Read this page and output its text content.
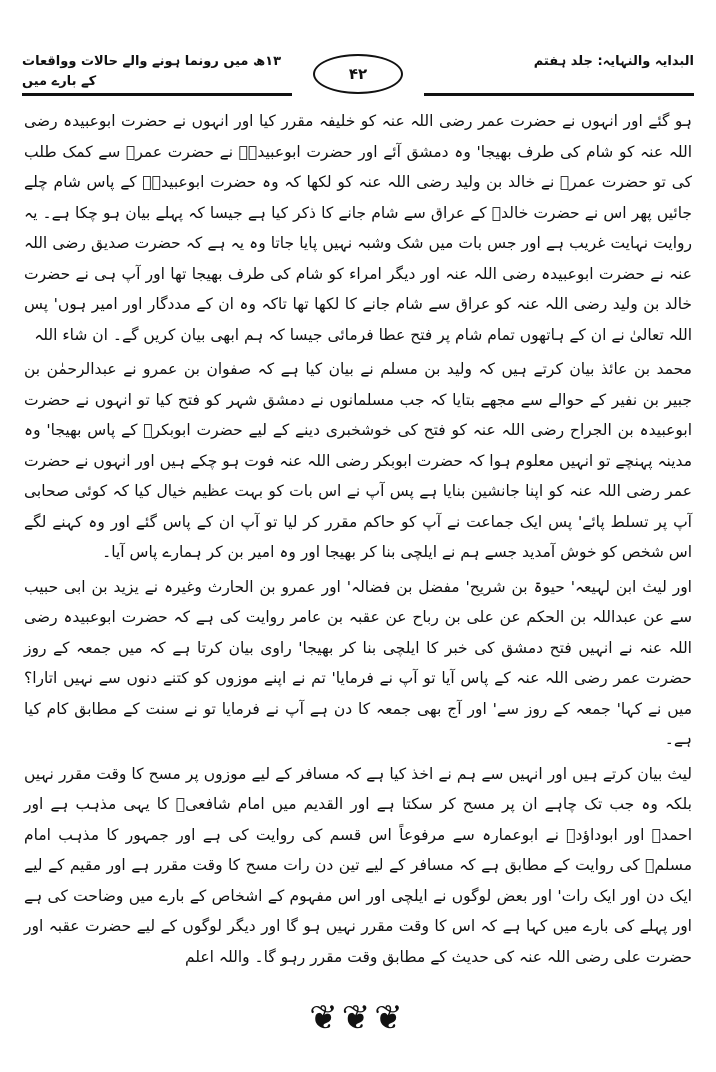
۱۳ھ میں رونما ہونے والے حالات وواقعات کے بارے میں
البدایہ والنہایہ: جلد ہفتم
۴۲

ہو گئے اور انہوں نے حضرت عمر رضی اللہ عنہ کو خلیفہ مقرر کیا اور انہوں نے حضرت ابوعبیدہ رضی اللہ عنہ کو شام کی طرف بھیجا' وہ دمشق آئے اور حضرت ابوعبیدہؓ نے حضرت عمرؓ سے کمک طلب کی تو حضرت عمرؓ نے خالد بن ولید رضی اللہ عنہ کو لکھا کہ وہ حضرت ابوعبیدہؓ کے پاس شام چلے جائیں پھر اس نے حضرت خالدؓ کے عراق سے شام جانے کا ذکر کیا ہے جیسا کہ پہلے بیان ہو چکا ہے۔ یہ روایت نہایت غریب ہے اور جس بات میں شک وشبہ نہیں پایا جاتا وہ یہ ہے کہ حضرت صدیق رضی اللہ عنہ نے حضرت ابوعبیدہ رضی اللہ عنہ اور دیگر امراء کو شام کی طرف بھیجا تھا اور آپ ہی نے حضرت خالد بن ولید رضی اللہ عنہ کو عراق سے شام جانے کا لکھا تھا تاکہ وہ ان کے مددگار اور امیر ہوں' پس اللہ تعالیٰ نے ان کے ہاتھوں تمام شام پر فتح عطا فرمائی جیسا کہ ہم ابھی بیان کریں گے۔ ان شاء اللہ

محمد بن عائذ بیان کرتے ہیں کہ ولید بن مسلم نے بیان کیا ہے کہ صفوان بن عمرو نے عبدالرحمٰن بن جبیر بن نفیر کے حوالے سے مجھے بتایا کہ جب مسلمانوں نے دمشق شہر کو فتح کیا تو انہوں نے حضرت ابوعبیدہ بن الجراح رضی اللہ عنہ کو فتح کی خوشخبری دینے کے لیے حضرت ابوبکرؓ کے پاس بھیجا' وہ مدینہ پہنچے تو انہیں معلوم ہوا کہ حضرت ابوبکر رضی اللہ عنہ فوت ہو چکے ہیں اور انہوں نے حضرت عمر رضی اللہ عنہ کو اپنا جانشین بنایا ہے پس آپ نے اس بات کو بہت عظیم خیال کیا کہ کوئی صحابی آپ پر تسلط پائے' پس ایک جماعت نے آپ کو حاکم مقرر کر لیا تو آپ ان کے پاس گئے اور وہ کہنے لگے اس شخص کو خوش آمدید جسے ہم نے ایلچی بنا کر بھیجا اور وہ امیر بن کر ہمارے پاس آیا۔

اور لیث ابن لہیعہ' حیوۃ بن شریح' مفضل بن فضالہ' اور عمرو بن الحارث وغیرہ نے یزید بن ابی حبیب سے عن عبداللہ بن الحکم عن علی بن رباح عن عقبہ بن عامر روایت کی ہے کہ حضرت ابوعبیدہ رضی اللہ عنہ نے انہیں فتح دمشق کی خبر کا ایلچی بنا کر بھیجا' راوی بیان کرتا ہے کہ میں جمعہ کے روز حضرت عمر رضی اللہ عنہ کے پاس آیا تو آپ نے فرمایا' تم نے اپنے موزوں کو کتنے دنوں سے نہیں اتارا؟ میں نے کہا' جمعہ کے روز سے' اور آج بھی جمعہ کا دن ہے آپ نے فرمایا تو نے سنت کے مطابق کام کیا ہے۔

لیث بیان کرتے ہیں اور انہیں سے ہم نے اخذ کیا ہے کہ مسافر کے لیے موزوں پر مسح کا وقت مقرر نہیں بلکہ وہ جب تک چاہے ان پر مسح کر سکتا ہے اور القدیم میں امام شافعیؒ کا یہی مذہب ہے اور احمدؒ اور ابوداؤدؒ نے ابوعمارہ سے مرفوعاً اس قسم کی روایت کی ہے اور جمہور کا مذہب امام مسلمؒ کی روایت کے مطابق ہے کہ مسافر کے لیے تین دن رات مسح کا وقت مقرر ہے اور مقیم کے لیے ایک دن اور ایک رات' اور بعض لوگوں نے ایلچی اور اس مفہوم کے اشخاص کے بارے میں وضاحت کی ہے اور پہلے کی بارے میں کہا ہے کہ اس کا وقت مقرر نہیں ہو گا اور دیگر لوگوں کے لیے حضرت عقبہ اور حضرت علی رضی اللہ عنہ کی حدیث کے مطابق وقت مقرر رہو گا۔ واللہ اعلم

❦❦❦
